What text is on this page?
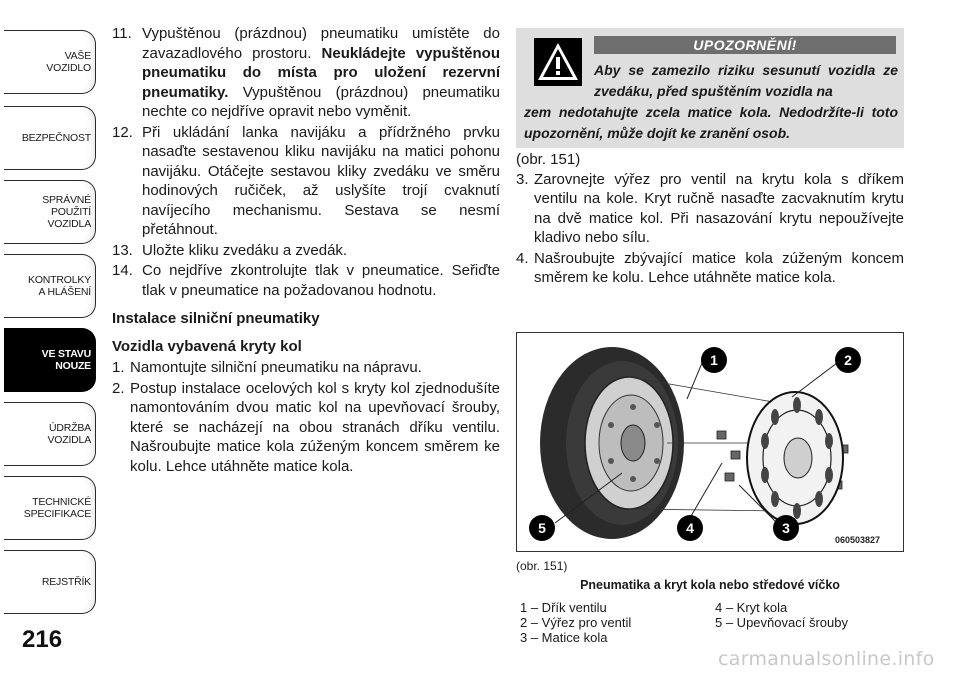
VAŠE
VOZIDLO
BEZPEČNOST
SPRÁVNÉ
POUŽITÍ
VOZIDLA
KONTROLKY
A HLÁŠENÍ
VE STAVU
NOUZE
ÚDRŽBA
VOZIDLA
TECHNICKÉ
SPECIFIKACE
REJSTŘÍK
216
11. Vypuštěnou (prázdnou) pneumatiku umístěte do zavazadlového prostoru. Neukládejte vypuštěnou pneumatiku do místa pro uložení rezervní pneumatiky. Vypuštěnou (prázdnou) pneumatiku nechte co nejdříve opravit nebo vyměnit.
12. Při ukládání lanka navijáku a přídržného prvku nasaďte sestavenou kliku navijáku na matici pohonu navijáku. Otáčejte sestavou kliky zvedáku ve směru hodinových ručiček, až uslyšíte trojí cvaknutí navíjecího mechanismu. Sestava se nesmí přetáhnout.
13. Uložte kliku zvedáku a zvedák.
14. Co nejdříve zkontrolujte tlak v pneumatice. Seřiďte tlak v pneumatice na požadovanou hodnotu.
Instalace silniční pneumatiky
Vozidla vybavená kryty kol
1. Namontujte silniční pneumatiku na nápravu.
2. Postup instalace ocelových kol s kryty kol zjednodušíte namontováním dvou matic kol na upevňovací šrouby, které se nacházejí na obou stranách dříku ventilu. Našroubujte matice kola zúženým koncem směrem ke kolu. Lehce utáhněte matice kola.
UPOZORNĚNÍ!
Aby se zamezilo riziku sesunutí vozidla ze zvedáku, před spuštěním vozidla na
zem nedotahujte zcela matice kola. Nedodržíte-li toto upozornění, může dojít ke zranění osob.
(obr. 151)
3. Zarovnejte výřez pro ventil na krytu kola s dříkem ventilu na kole. Kryt ručně nasaďte zacvaknutím krytu na dvě matice kol. Při nasazování krytu nepoužívejte kladivo nebo sílu.
4. Našroubujte zbývající matice kola zúženým koncem směrem ke kolu. Lehce utáhněte matice kola.
1	2
3
4
5
060503827
(obr. 151)
Pneumatika a kryt kola nebo středové víčko
1 – Dřík ventilu
2 – Výřez pro ventil
3 – Matice kola
4 – Kryt kola
5 – Upevňovací šrouby
carmanualsonline.info
